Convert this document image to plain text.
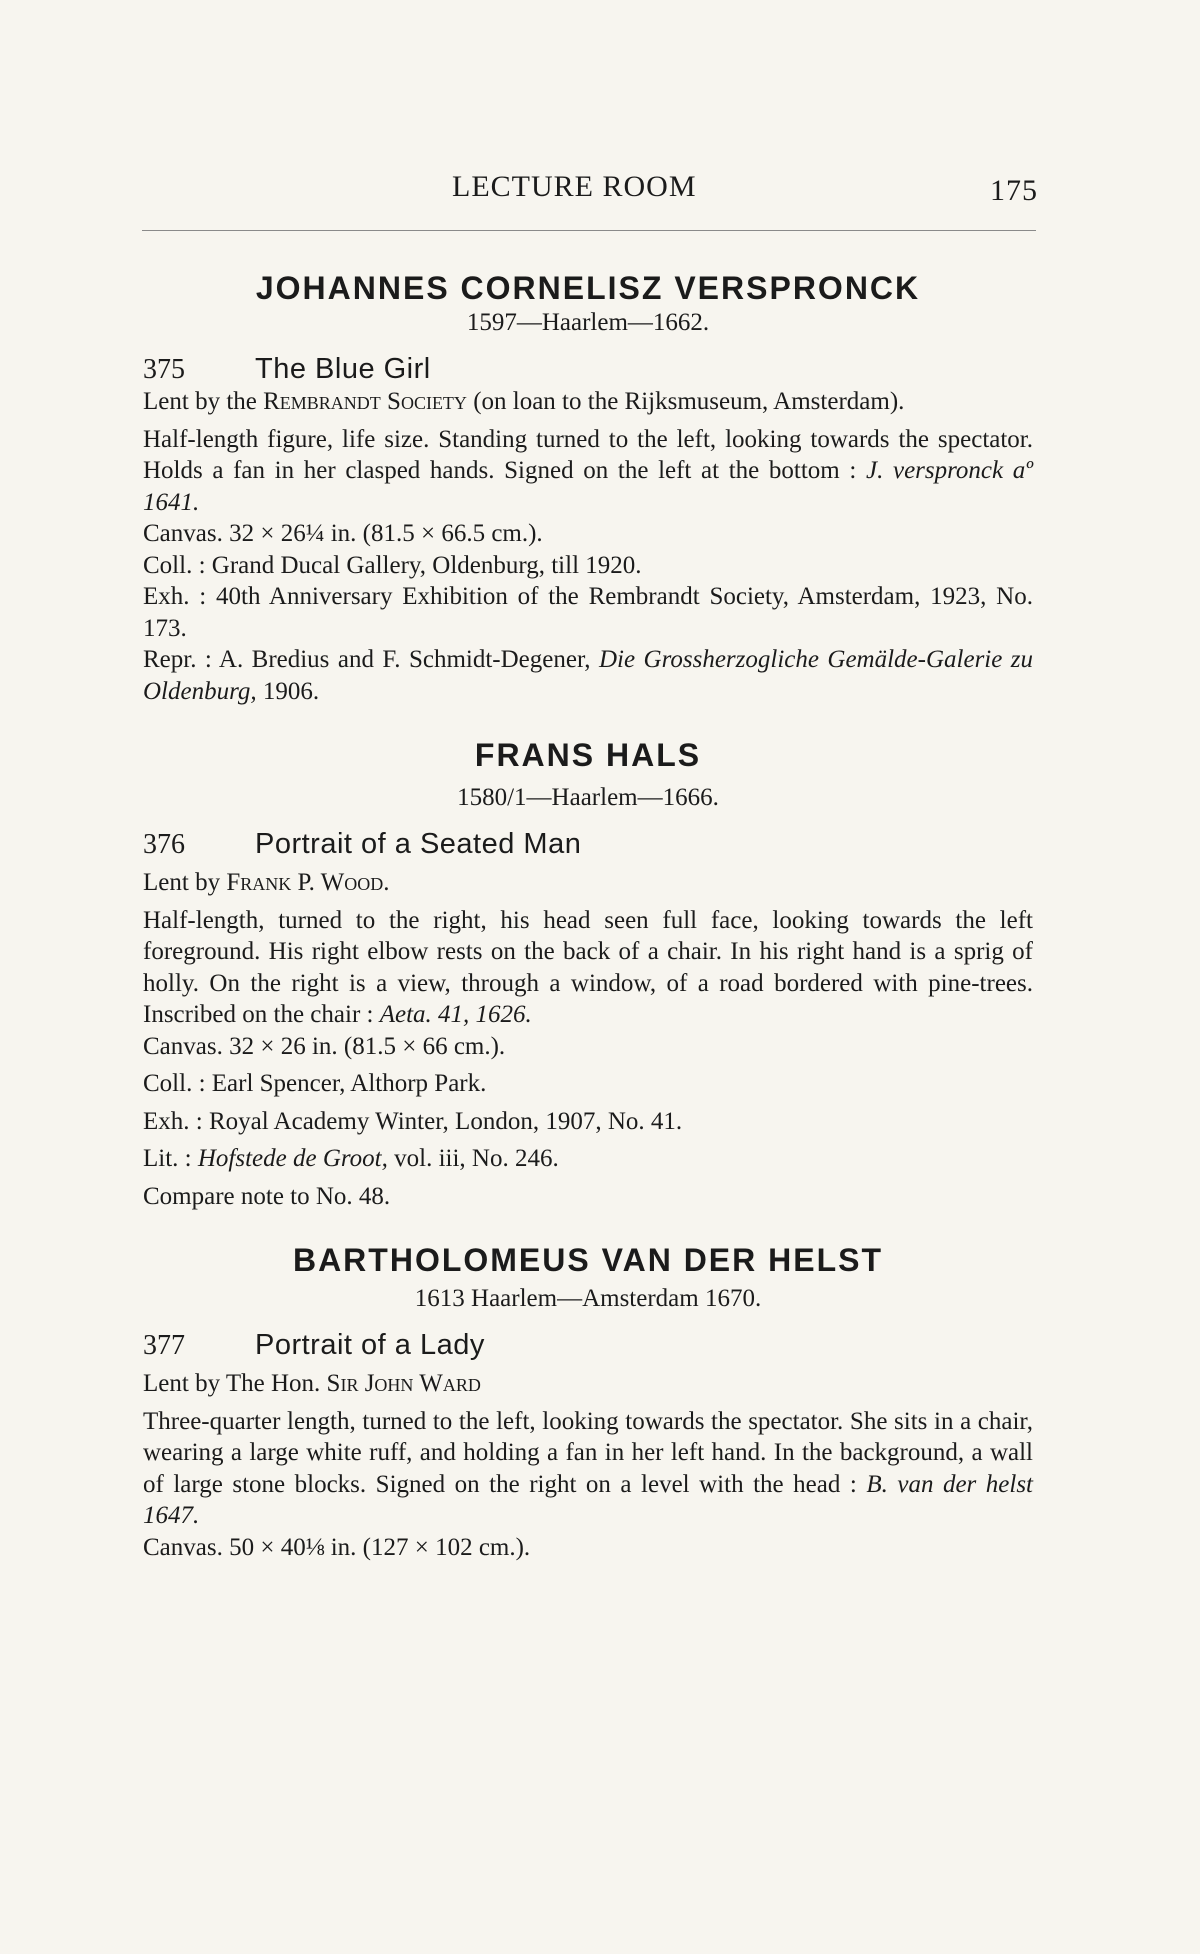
LECTURE ROOM	175
JOHANNES CORNELISZ VERSPRONCK
1597—Haarlem—1662.
375	The Blue Girl

Lent by the Rembrandt Society (on loan to the Rijksmuseum, Amsterdam).

Half-length figure, life size. Standing turned to the left, looking towards the spectator. Holds a fan in her clasped hands. Signed on the left at the bottom : J. verspronck aº 1641.

Canvas. 32 × 26¼ in. (81.5 × 66.5 cm.).

Coll. : Grand Ducal Gallery, Oldenburg, till 1920.

Exh. : 40th Anniversary Exhibition of the Rembrandt Society, Amsterdam, 1923, No. 173.

Repr. : A. Bredius and F. Schmidt-Degener, Die Grossherzogliche Gemälde-Galerie zu Oldenburg, 1906.

FRANS HALS
1580/1—Haarlem—1666.
376	Portrait of a Seated Man

Lent by Frank P. Wood.

Half-length, turned to the right, his head seen full face, looking towards the left foreground. His right elbow rests on the back of a chair. In his right hand is a sprig of holly. On the right is a view, through a window, of a road bordered with pine-trees. Inscribed on the chair : Aeta. 41, 1626.

Canvas. 32 × 26 in. (81.5 × 66 cm.).

Coll. : Earl Spencer, Althorp Park.

Exh. : Royal Academy Winter, London, 1907, No. 41.

Lit. : Hofstede de Groot, vol. iii, No. 246.

Compare note to No. 48.

BARTHOLOMEUS VAN DER HELST
1613 Haarlem—Amsterdam 1670.
377	Portrait of a Lady

Lent by The Hon. Sir John Ward

Three-quarter length, turned to the left, looking towards the spectator. She sits in a chair, wearing a large white ruff, and holding a fan in her left hand. In the background, a wall of large stone blocks. Signed on the right on a level with the head : B. van der helst 1647.

Canvas. 50 × 40⅛ in. (127 × 102 cm.).
